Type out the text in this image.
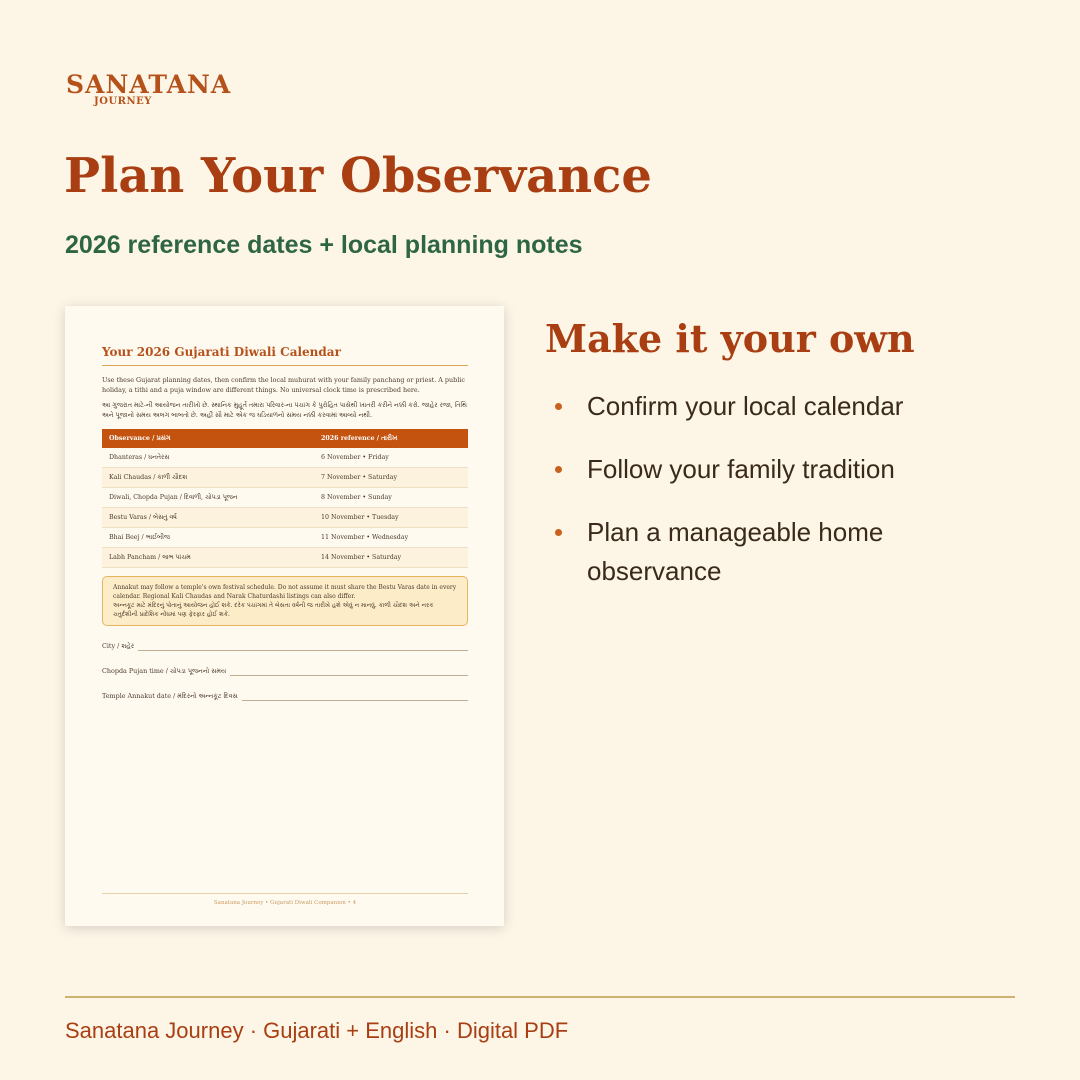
SANATANA
JOURNEY
Plan Your Observance
2026 reference dates + local planning notes
Your 2026 Gujarati Diwali Calendar
Use these Gujarat planning dates, then confirm the local muhurat with your family panchang or priest. A public holiday, a tithi and a puja window are different things. No universal clock time is prescribed here.
આ ગુજરાત માટે-ની આયોજન તારીખો છે. સ્થાનિક મુહૂર્ત તમારા પરિવાર-ના પંચાંગ કે પુરોહિત પાસેથી ખાતરી કરીને નક્કી કરો. જાહેર રજા, તિથિ અને પૂજાનો સમય અલગ બાબતો છે. અહીં સૌ માટે એક જ ઘડિયાળનો સમય નક્કી કરવામાં આવ્યો નથી.
Observance / પ્રસંગ	2026 reference / તારીખ
Dhanteras / ધનતેરસ	6 November • Friday
Kali Chaudas / કાળી ચૌદશ	7 November • Saturday
Diwali, Chopda Pujan / દિવાળી, ચોપડા પૂજન	8 November • Sunday
Bestu Varas / બેસતું વર્ષ	10 November • Tuesday
Bhai Beej / ભાઈબીજ	11 November • Wednesday
Labh Pancham / લાભ પાંચમ	14 November • Saturday
Annakut may follow a temple's own festival schedule. Do not assume it must share the Bestu Varas date in every calendar. Regional Kali Chaudas and Narak Chaturdashi listings can also differ.
અન્નકૂટ માટે મંદિરનું પોતાનું આયોજન હોઈ શકે. દરેક પંચાંગમાં તે બેસતા વર્ષની જ તારીખે હશે એવું ન માનવું. કાળી ચૌદશ અને નરક ચતુર્દશીની પ્રાદેશિક નોંધમાં પણ ફેરફાર હોઈ શકે.
City / શહેર
Chopda Pujan time / ચોપડા પૂજનનો સમય
Temple Annakut date / મંદિરનો અન્નકૂટ દિવસ
Sanatana Journey • Gujarati Diwali Companion • 4
Make it your own
Confirm your local calendar
Follow your family tradition
Plan a manageable home observance
Sanatana Journey · Gujarati + English · Digital PDF
